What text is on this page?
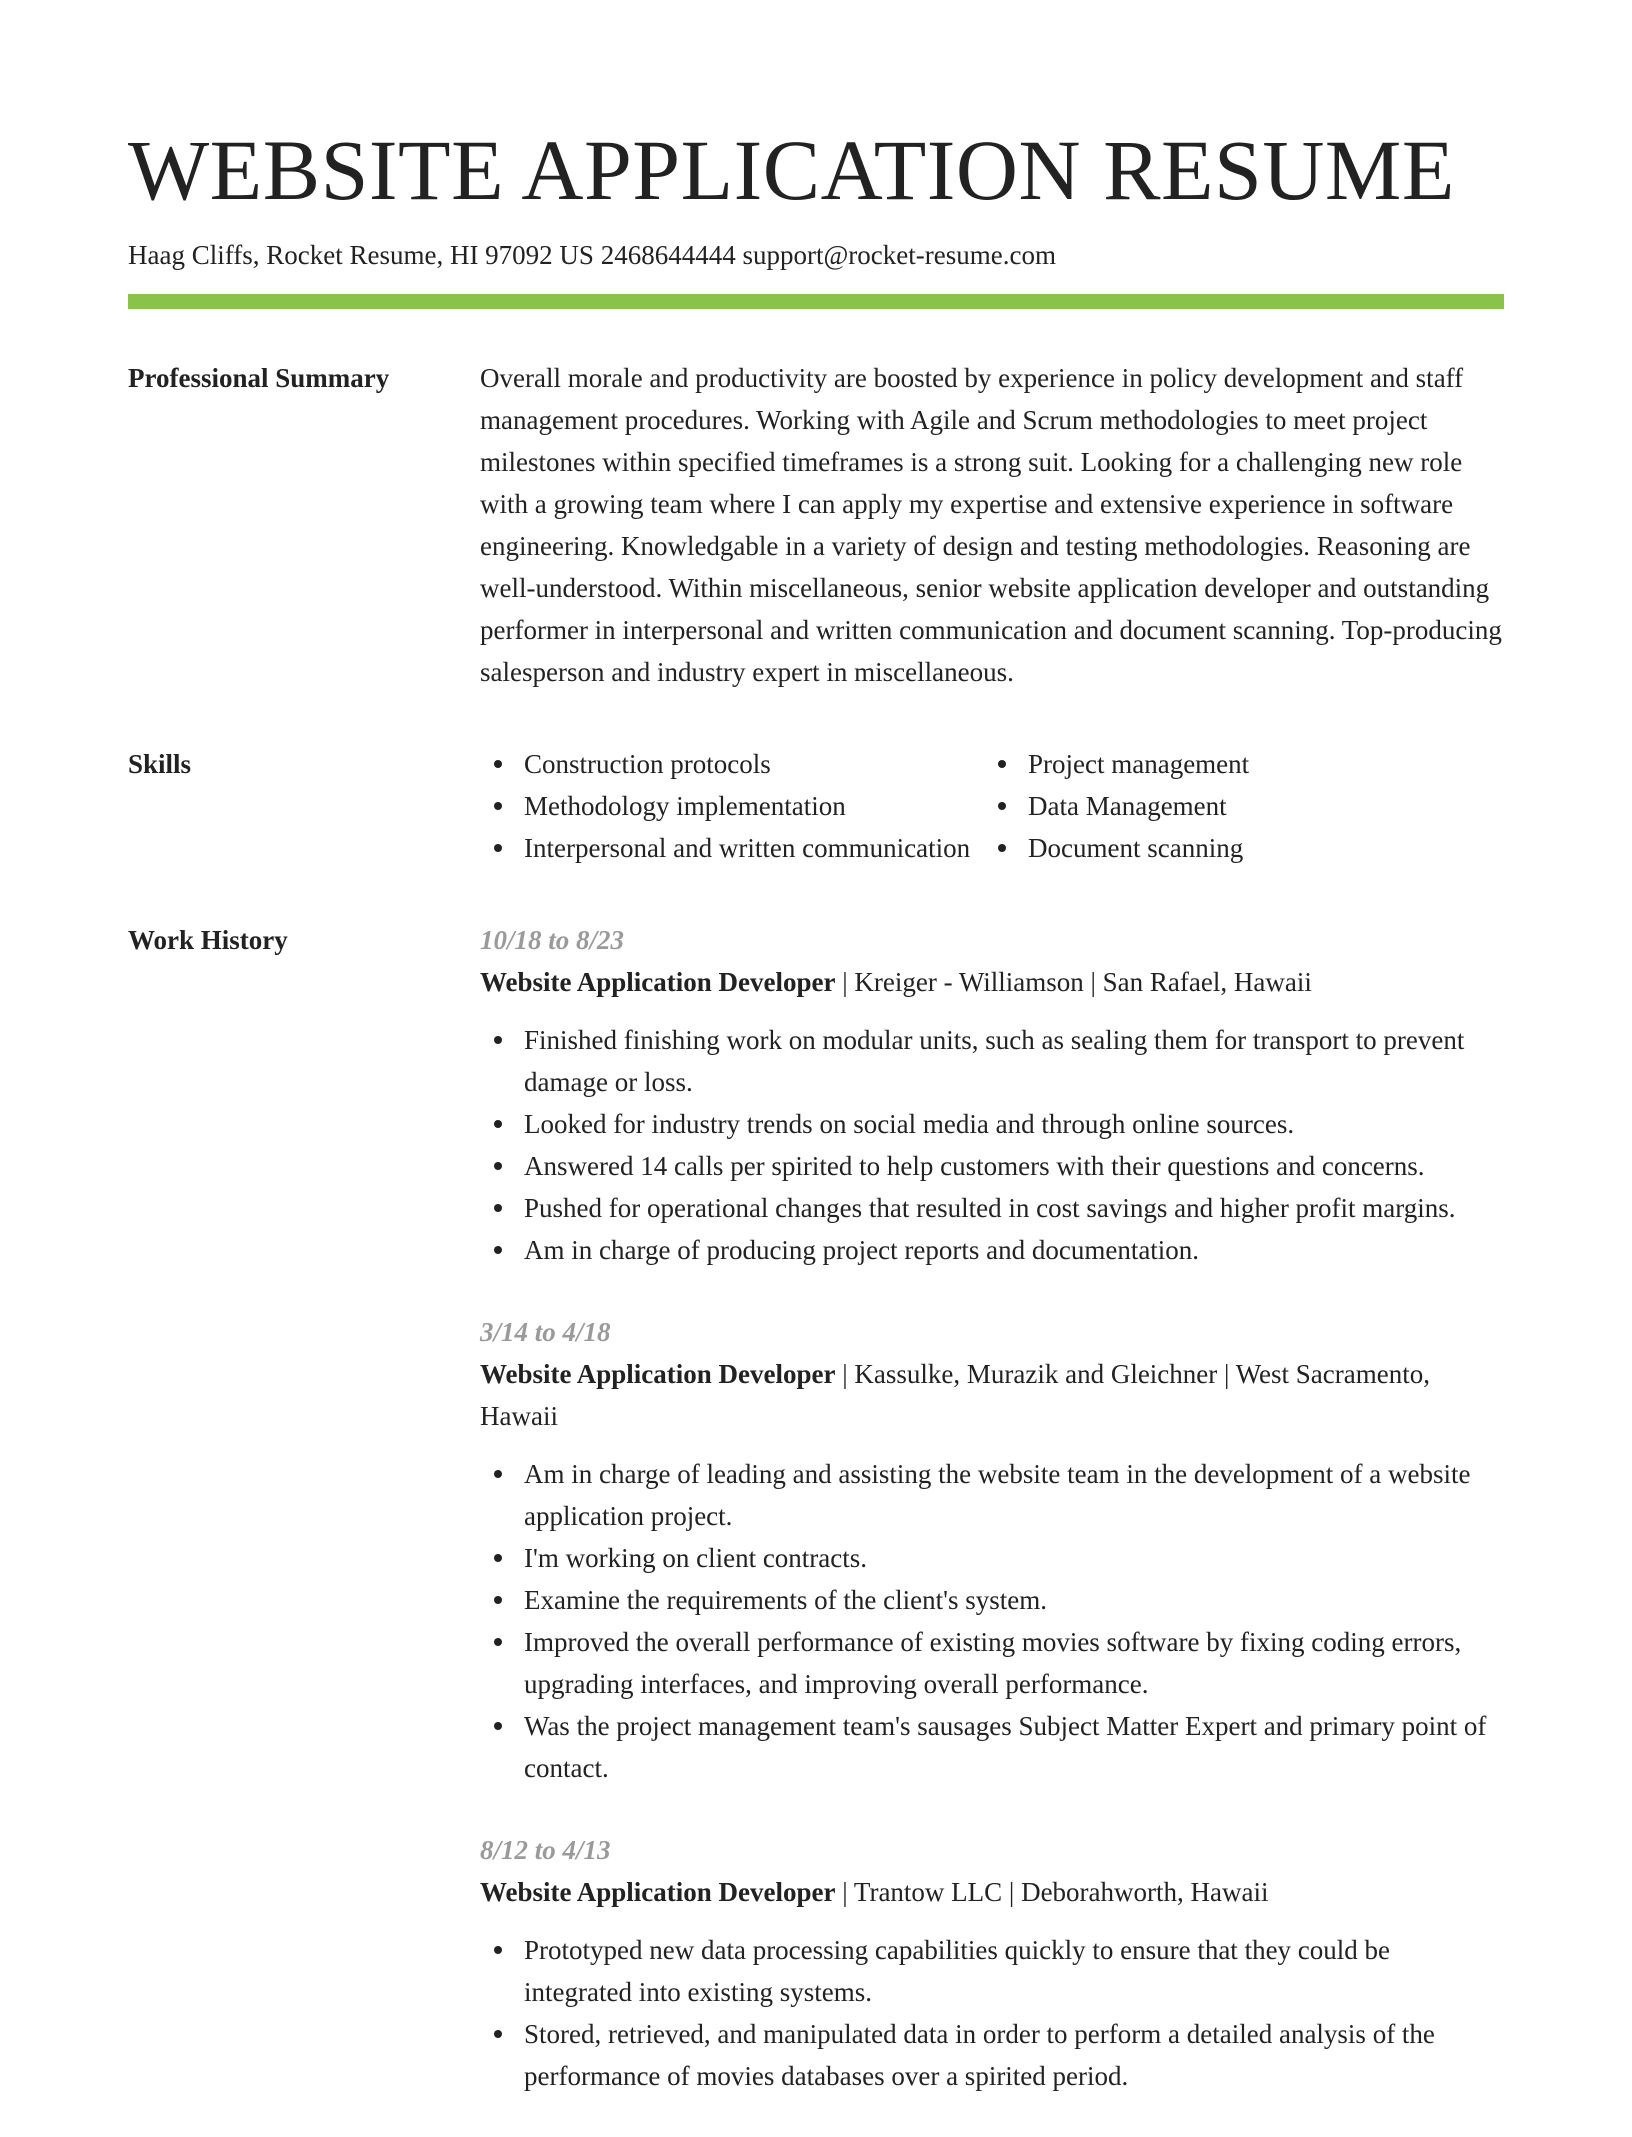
WEBSITE APPLICATION RESUME
Haag Cliffs, Rocket Resume, HI 97092 US 2468644444 support@rocket-resume.com
Professional Summary	Overall morale and productivity are boosted by experience in policy development and staff management procedures. Working with Agile and Scrum methodologies to meet project milestones within specified timeframes is a strong suit. Looking for a challenging new role with a growing team where I can apply my expertise and extensive experience in software engineering. Knowledgable in a variety of design and testing methodologies. Reasoning are well-understood. Within miscellaneous, senior website application developer and outstanding performer in interpersonal and written communication and document scanning. Top-producing salesperson and industry expert in miscellaneous.

Skills	Construction protocols
Methodology implementation
Interpersonal and written communication
Project management
Data Management
Document scanning
Work History	10/18 to 8/23
Website Application Developer | Kreiger - Williamson | San Rafael, Hawaii
Finished finishing work on modular units, such as sealing them for transport to prevent damage or loss.
Looked for industry trends on social media and through online sources.
Answered 14 calls per spirited to help customers with their questions and concerns.
Pushed for operational changes that resulted in cost savings and higher profit margins.
Am in charge of producing project reports and documentation.
3/14 to 4/18
Website Application Developer | Kassulke, Murazik and Gleichner | West Sacramento, Hawaii
Am in charge of leading and assisting the website team in the development of a website application project.
I'm working on client contracts.
Examine the requirements of the client's system.
Improved the overall performance of existing movies software by fixing coding errors, upgrading interfaces, and improving overall performance.
Was the project management team's sausages Subject Matter Expert and primary point of contact.
8/12 to 4/13
Website Application Developer | Trantow LLC | Deborahworth, Hawaii
Prototyped new data processing capabilities quickly to ensure that they could be integrated into existing systems.
Stored, retrieved, and manipulated data in order to perform a detailed analysis of the performance of movies databases over a spirited period.
